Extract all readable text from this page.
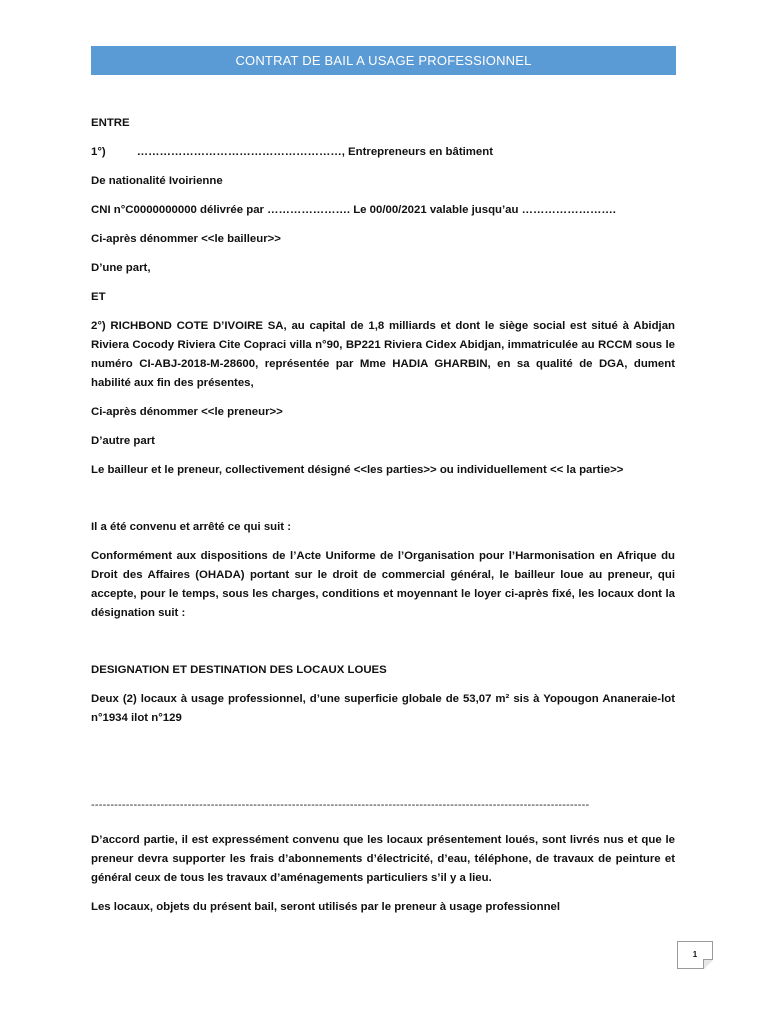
CONTRAT DE BAIL A USAGE PROFESSIONNEL

ENTRE

1°)	………………………………………………, Entrepreneurs en bâtiment

De nationalité Ivoirienne

CNI n°C0000000000 délivrée par …………………. Le 00/00/2021 valable jusqu’au …………………….

Ci-après dénommer <<le bailleur>>

D’une part,

ET

2°) RICHBOND COTE D’IVOIRE SA, au capital de 1,8 milliards et dont le siège social est situé à Abidjan Riviera Cocody Riviera Cite Copraci villa n°90, BP221 Riviera Cidex Abidjan, immatriculée au RCCM sous le numéro CI-ABJ-2018-M-28600, représentée par Mme HADIA GHARBIN, en sa qualité de DGA, dument habilité aux fin des présentes,

Ci-après dénommer <<le preneur>>

D’autre part

Le bailleur et le preneur, collectivement désigné <<les parties>> ou individuellement << la partie>>

Il a été convenu et arrêté ce qui suit :

Conformément aux dispositions de l’Acte Uniforme de l’Organisation pour l’Harmonisation en Afrique du Droit des Affaires (OHADA) portant sur le droit de commercial général, le bailleur loue au preneur, qui accepte, pour le temps, sous les charges, conditions et moyennant le loyer ci-après fixé, les locaux dont la désignation suit :

DESIGNATION ET DESTINATION DES LOCAUX LOUES

Deux (2) locaux à usage professionnel, d’une superficie globale de 53,07 m² sis à Yopougon Ananeraie-lot n°1934 ilot n°129

---------------------------------------------------------------------------------------------------------------------------------

D’accord partie, il est expressément convenu que les locaux présentement loués, sont livrés nus et que le preneur devra supporter les frais d’abonnements d’électricité, d’eau, téléphone, de travaux de peinture et général ceux de tous les travaux d’aménagements particuliers s’il y a lieu.

Les locaux, objets du présent bail, seront utilisés par le preneur à usage professionnel

1
